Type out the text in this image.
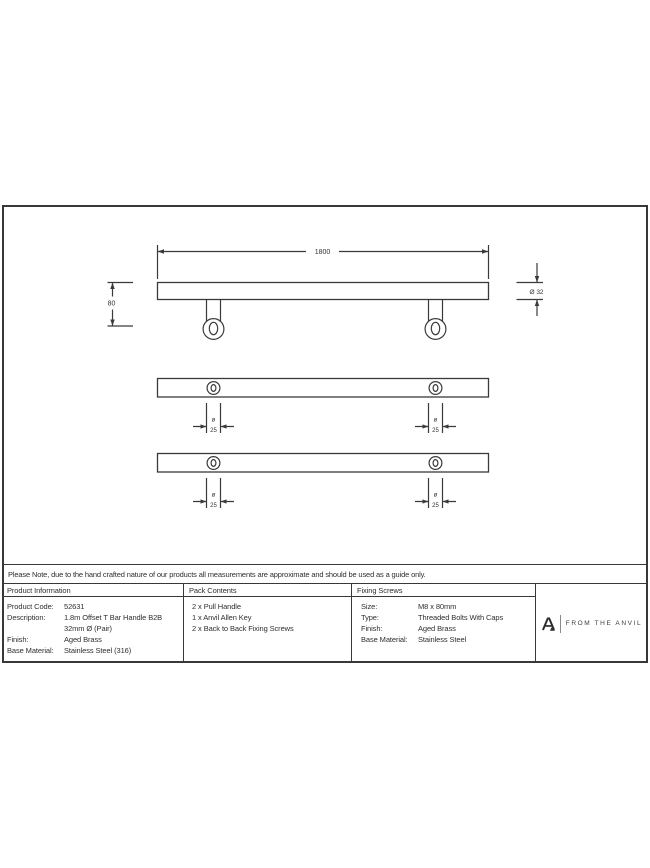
1800
80
Ø 32
ø
25
ø
25
ø
25
ø
25
Please Note, due to the hand crafted nature of our products all measurements are approximate and should be used as a guide only.
Product Information
Product Code:	52631
Description:	1.8m Offset T Bar Handle B2B
32mm Ø (Pair)
Finish:	Aged Brass
Base Material:	Stainless Steel (316)
Pack Contents
2 x Pull Handle
1 x Anvil Allen Key
2 x Back to Back Fixing Screws
Fixing Screws
Size:	M8 x 80mm
Type:	Threaded Bolts With Caps
Finish:	Aged Brass
Base Material:	Stainless Steel
FROM THE ANVIL
